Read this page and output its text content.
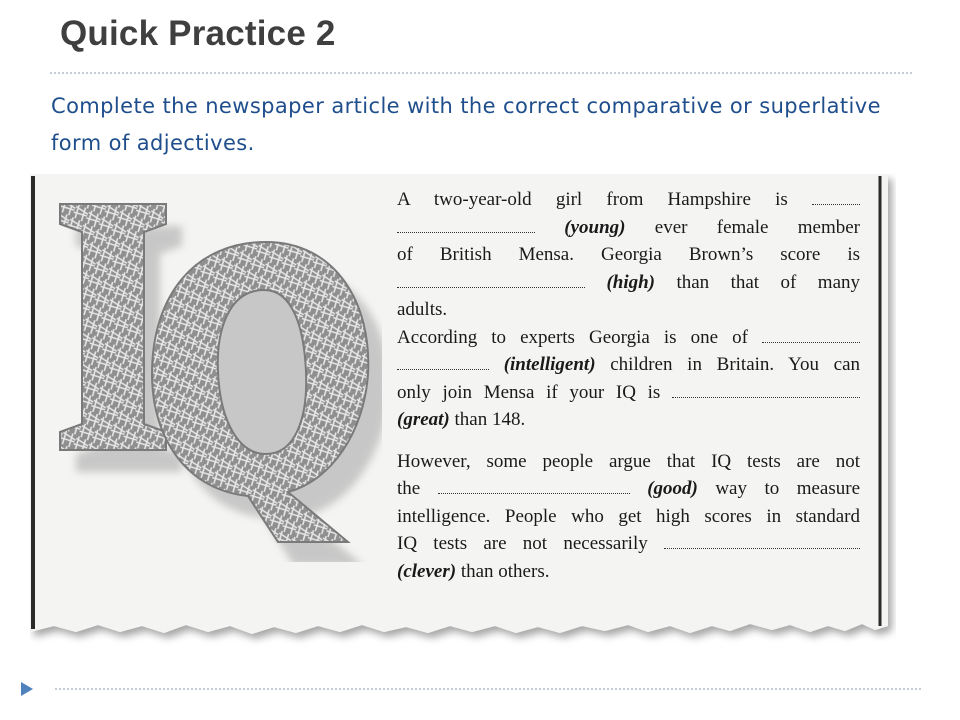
Quick Practice 2
Complete the newspaper article with the correct comparative or superlative form of adjectives.
IQ	A two-year-old girl from Hampshire is
(young) ever female member
of British Mensa. Georgia Brown’s score is
(high) than that of many
adults.
According to experts Georgia is one of
(intelligent) children in Britain. You can
only join Mensa if your IQ is
(great) than 148.

However, some people argue that IQ tests are not
the	(good) way to measure
intelligence. People who get high scores in standard
IQ tests are not necessarily
(clever) than others.
